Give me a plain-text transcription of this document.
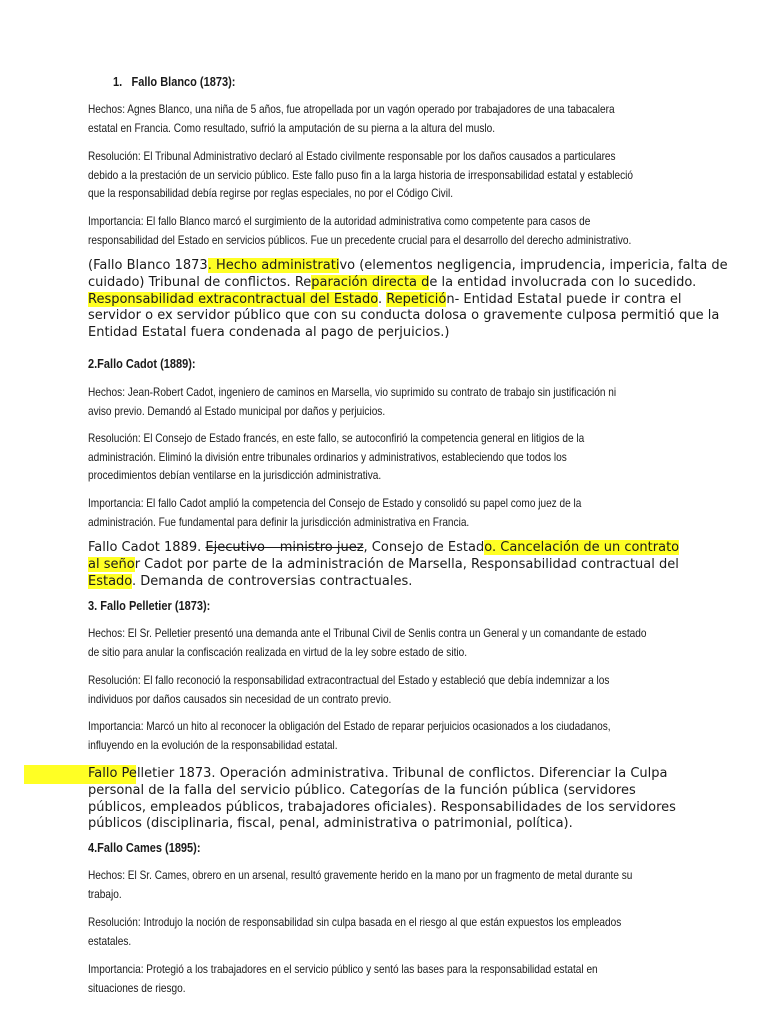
1. Fallo Blanco (1873):
Hechos: Agnes Blanco, una niña de 5 años, fue atropellada por un vagón operado por trabajadores de una tabacalera
estatal en Francia. Como resultado, sufrió la amputación de su pierna a la altura del muslo.
Resolución: El Tribunal Administrativo declaró al Estado civilmente responsable por los daños causados a particulares
debido a la prestación de un servicio público. Este fallo puso fin a la larga historia de irresponsabilidad estatal y estableció
que la responsabilidad debía regirse por reglas especiales, no por el Código Civil.
Importancia: El fallo Blanco marcó el surgimiento de la autoridad administrativa como competente para casos de
responsabilidad del Estado en servicios públicos. Fue un precedente crucial para el desarrollo del derecho administrativo.
(Fallo Blanco 1873. Hecho administrativo (elementos negligencia, imprudencia, impericia, falta de
cuidado) Tribunal de conflictos. Reparación directa de la entidad involucrada con lo sucedido.
Responsabilidad extracontractual del Estado. Repetición- Entidad Estatal puede ir contra el
servidor o ex servidor público que con su conducta dolosa o gravemente culposa permitió que la
Entidad Estatal fuera condenada al pago de perjuicios.)
2.Fallo Cadot (1889):
Hechos: Jean-Robert Cadot, ingeniero de caminos en Marsella, vio suprimido su contrato de trabajo sin justificación ni
aviso previo. Demandó al Estado municipal por daños y perjuicios.
Resolución: El Consejo de Estado francés, en este fallo, se autoconfirió la competencia general en litigios de la
administración. Eliminó la división entre tribunales ordinarios y administrativos, estableciendo que todos los
procedimientos debían ventilarse en la jurisdicción administrativa.
Importancia: El fallo Cadot amplió la competencia del Consejo de Estado y consolidó su papel como juez de la
administración. Fue fundamental para definir la jurisdicción administrativa en Francia.
Fallo Cadot 1889. Ejecutivo – ministro juez, Consejo de Estado. Cancelación de un contrato
al señor Cadot por parte de la administración de Marsella, Responsabilidad contractual del
Estado. Demanda de controversias contractuales.
3. Fallo Pelletier (1873):
Hechos: El Sr. Pelletier presentó una demanda ante el Tribunal Civil de Senlis contra un General y un comandante de estado
de sitio para anular la confiscación realizada en virtud de la ley sobre estado de sitio.
Resolución: El fallo reconoció la responsabilidad extracontractual del Estado y estableció que debía indemnizar a los
individuos por daños causados sin necesidad de un contrato previo.
Importancia: Marcó un hito al reconocer la obligación del Estado de reparar perjuicios ocasionados a los ciudadanos,
influyendo en la evolución de la responsabilidad estatal.
Fallo Pelletier 1873. Operación administrativa. Tribunal de conflictos. Diferenciar la Culpa
personal de la falla del servicio público. Categorías de la función pública (servidores
públicos, empleados públicos, trabajadores oficiales). Responsabilidades de los servidores
públicos (disciplinaria, fiscal, penal, administrativa o patrimonial, política).
4.Fallo Cames (1895):
Hechos: El Sr. Cames, obrero en un arsenal, resultó gravemente herido en la mano por un fragmento de metal durante su
trabajo.
Resolución: Introdujo la noción de responsabilidad sin culpa basada en el riesgo al que están expuestos los empleados
estatales.
Importancia: Protegió a los trabajadores en el servicio público y sentó las bases para la responsabilidad estatal en
situaciones de riesgo.
